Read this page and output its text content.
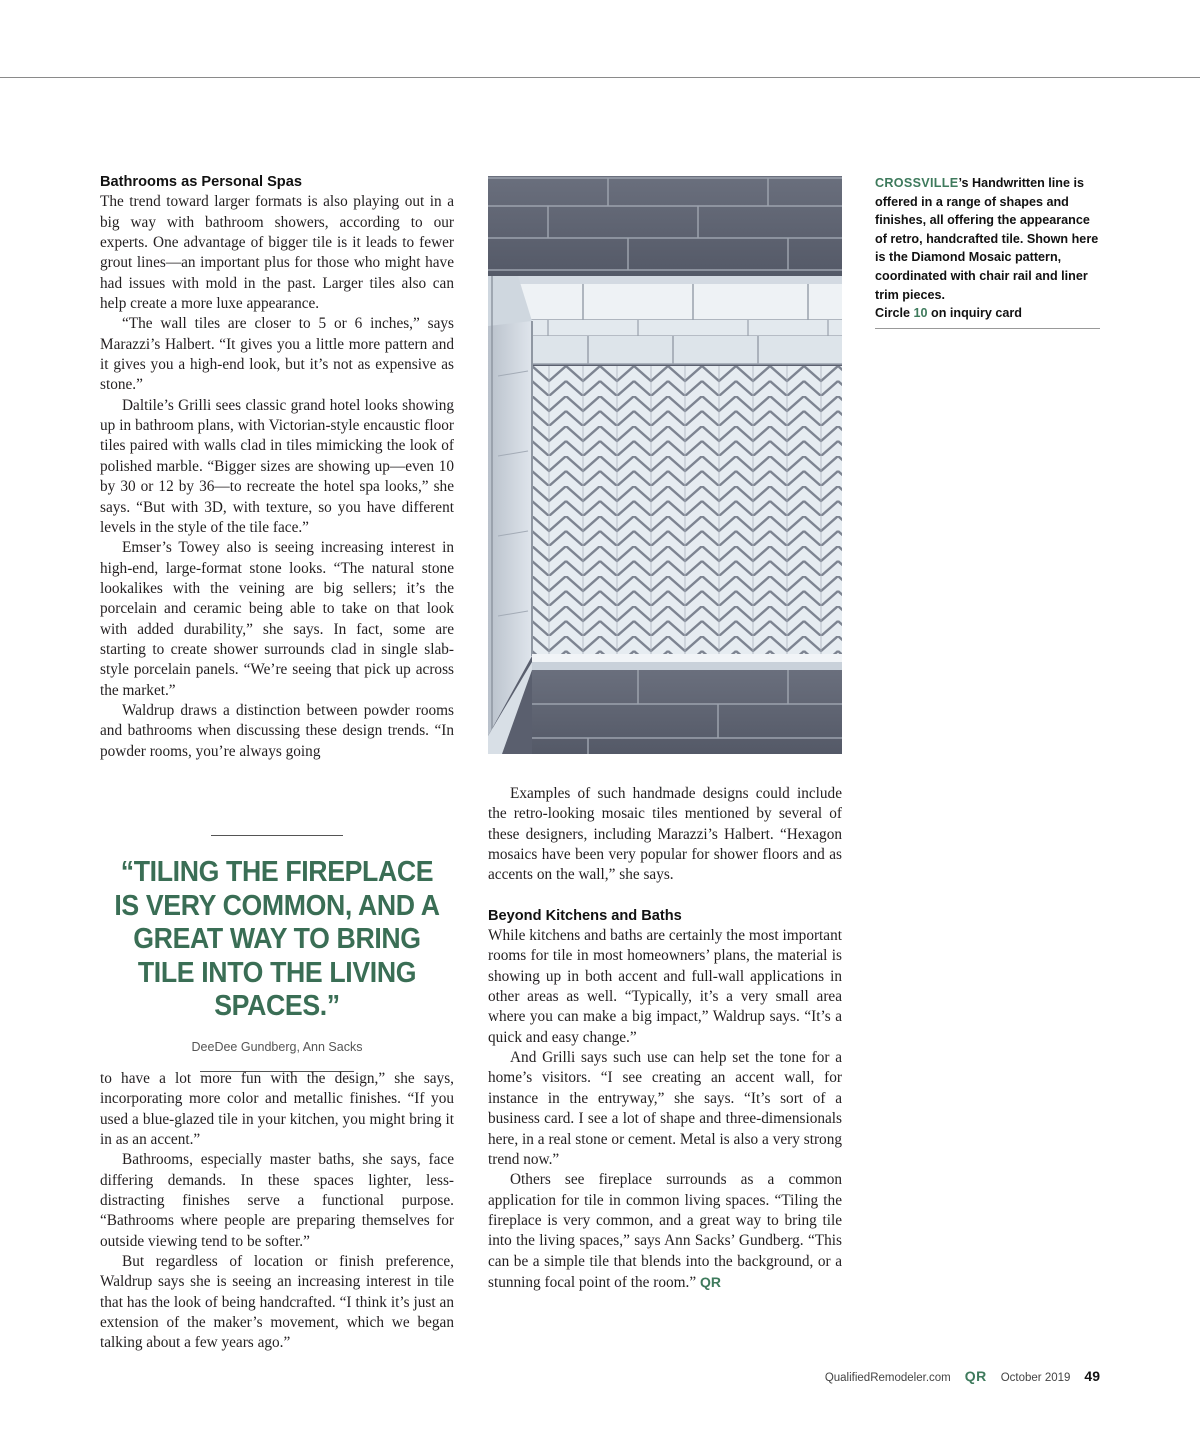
Bathrooms as Personal Spas

The trend toward larger formats is also playing out in a big way with bathroom showers, according to our experts. One advantage of bigger tile is it leads to fewer grout lines—an important plus for those who might have had issues with mold in the past. Larger tiles also can help create a more luxe appearance.

“The wall tiles are closer to 5 or 6 inches,” says Marazzi’s Halbert. “It gives you a little more pattern and it gives you a high-end look, but it’s not as expensive as stone.”

Daltile’s Grilli sees classic grand hotel looks showing up in bathroom plans, with Victorian-style encaustic floor tiles paired with walls clad in tiles mimicking the look of polished marble. “Bigger sizes are showing up—even 10 by 30 or 12 by 36—to recreate the hotel spa looks,” she says. “But with 3D, with texture, so you have different levels in the style of the tile face.”

Emser’s Towey also is seeing increasing interest in high-end, large-format stone looks. “The natural stone lookalikes with the veining are big sellers; it’s the porcelain and ceramic being able to take on that look with added durability,” she says. In fact, some are starting to create shower surrounds clad in single slab-style porcelain panels. “We’re seeing that pick up across the market.”

Waldrup draws a distinction between powder rooms and bathrooms when discussing these design trends. “In powder rooms, you’re always going

“TILING THE FIREPLACE IS VERY COMMON, AND A GREAT WAY TO BRING TILE INTO THE LIVING SPACES.”
DeeDee Gundberg, Ann Sacks

to have a lot more fun with the design,” she says, incorporating more color and metallic finishes. “If you used a blue-glazed tile in your kitchen, you might bring it in as an accent.”

Bathrooms, especially master baths, she says, face differing demands. In these spaces lighter, less-distracting finishes serve a functional purpose. “Bathrooms where people are preparing themselves for outside viewing tend to be softer.”

But regardless of location or finish preference, Waldrup says she is seeing an increasing interest in tile that has the look of being handcrafted. “I think it’s just an extension of the maker’s movement, which we began talking about a few years ago.”

Examples of such handmade designs could include the retro-looking mosaic tiles mentioned by several of these designers, including Marazzi’s Halbert. “Hexagon mosaics have been very popular for shower floors and as accents on the wall,” she says.

Beyond Kitchens and Baths

While kitchens and baths are certainly the most important rooms for tile in most homeowners’ plans, the material is showing up in both accent and full-wall applications in other areas as well. “Typically, it’s a very small area where you can make a big impact,” Waldrup says. “It’s a quick and easy change.”

And Grilli says such use can help set the tone for a home’s visitors. “I see creating an accent wall, for instance in the entryway,” she says. “It’s sort of a business card. I see a lot of shape and three-dimensionals here, in a real stone or cement. Metal is also a very strong trend now.”

Others see fireplace surrounds as a common application for tile in common living spaces. “Tiling the fireplace is very common, and a great way to bring tile into the living spaces,” says Ann Sacks’ Gundberg. “This can be a simple tile that blends into the background, or a stunning focal point of the room.” QR

CROSSVILLE’s Handwritten line is offered in a range of shapes and finishes, all offering the appearance of retro, handcrafted tile. Shown here is the Diamond Mosaic pattern, coordinated with chair rail and liner trim pieces.
Circle 10 on inquiry card
QualifiedRemodeler.com QR October 2019 49
